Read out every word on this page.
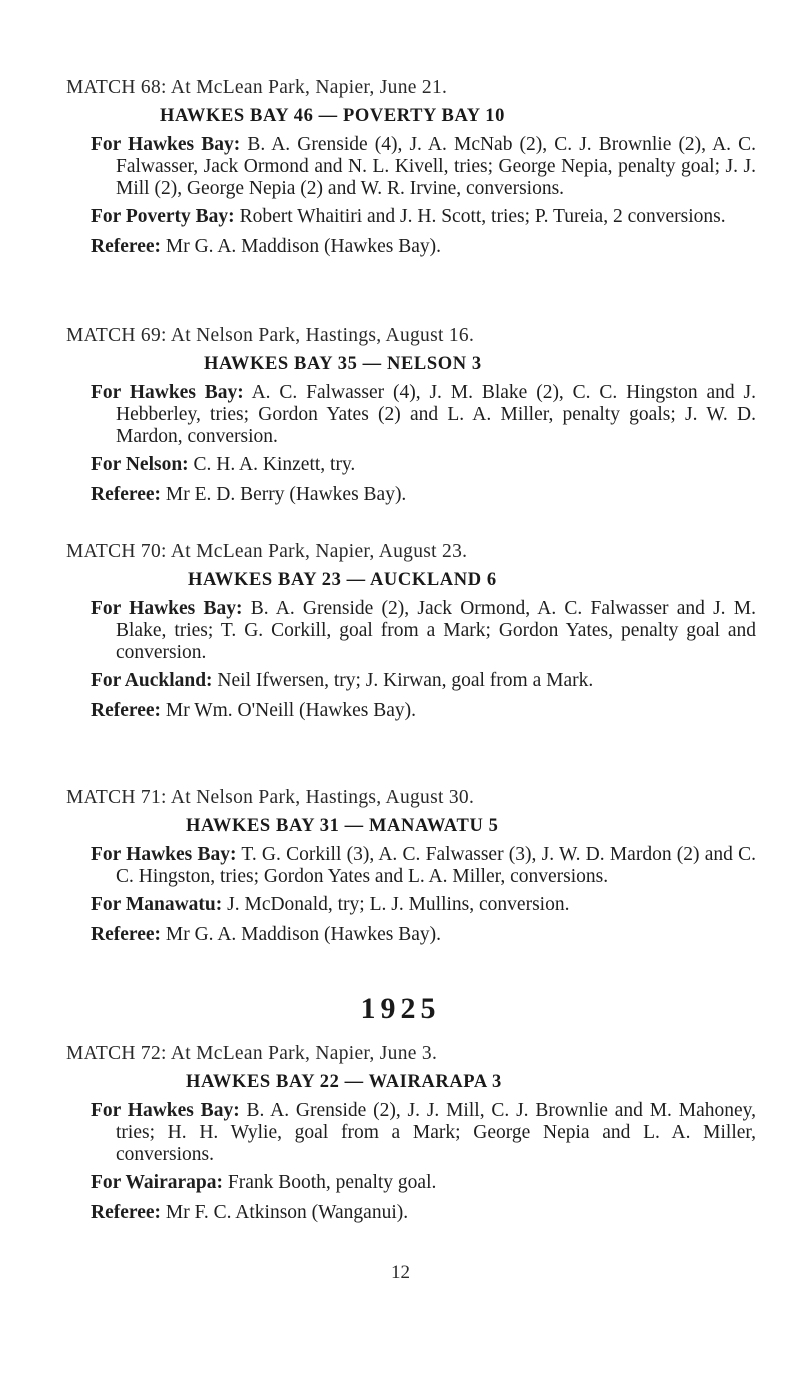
MATCH 68: At McLean Park, Napier, June 21.
HAWKES BAY 46 — POVERTY BAY 10

For Hawkes Bay: B. A. Grenside (4), J. A. McNab (2), C. J. Brownlie (2), A. C. Falwasser, Jack Ormond and N. L. Kivell, tries; George Nepia, penalty goal; J. J. Mill (2), George Nepia (2) and W. R. Irvine, conversions.

For Poverty Bay: Robert Whaitiri and J. H. Scott, tries; P. Tureia, 2 conversions.

Referee: Mr G. A. Maddison (Hawkes Bay).
MATCH 69: At Nelson Park, Hastings, August 16.
HAWKES BAY 35 — NELSON 3

For Hawkes Bay: A. C. Falwasser (4), J. M. Blake (2), C. C. Hingston and J. Hebberley, tries; Gordon Yates (2) and L. A. Miller, penalty goals; J. W. D. Mardon, conversion.

For Nelson: C. H. A. Kinzett, try.

Referee: Mr E. D. Berry (Hawkes Bay).
MATCH 70: At McLean Park, Napier, August 23.
HAWKES BAY 23 — AUCKLAND 6

For Hawkes Bay: B. A. Grenside (2), Jack Ormond, A. C. Falwasser and J. M. Blake, tries; T. G. Corkill, goal from a Mark; Gordon Yates, penalty goal and conversion.

For Auckland: Neil Ifwersen, try; J. Kirwan, goal from a Mark.

Referee: Mr Wm. O'Neill (Hawkes Bay).
MATCH 71: At Nelson Park, Hastings, August 30.
HAWKES BAY 31 — MANAWATU 5

For Hawkes Bay: T. G. Corkill (3), A. C. Falwasser (3), J. W. D. Mardon (2) and C. C. Hingston, tries; Gordon Yates and L. A. Miller, conversions.

For Manawatu: J. McDonald, try; L. J. Mullins, conversion.

Referee: Mr G. A. Maddison (Hawkes Bay).
1925
MATCH 72: At McLean Park, Napier, June 3.
HAWKES BAY 22 — WAIRARAPA 3

For Hawkes Bay: B. A. Grenside (2), J. J. Mill, C. J. Brownlie and M. Mahoney, tries; H. H. Wylie, goal from a Mark; George Nepia and L. A. Miller, conversions.

For Wairarapa: Frank Booth, penalty goal.

Referee: Mr F. C. Atkinson (Wanganui).
12
